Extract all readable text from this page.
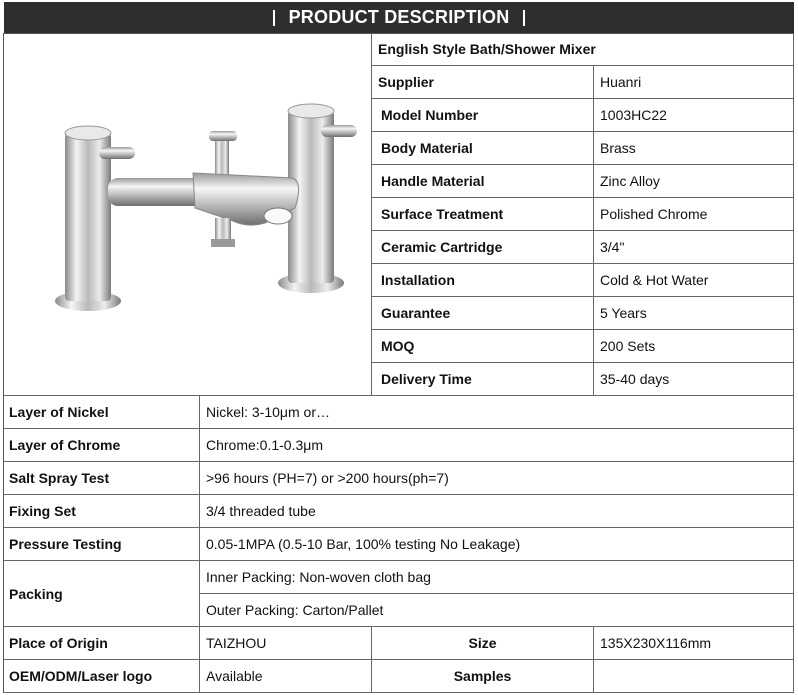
PRODUCT DESCRIPTION
English Style Bath/Shower Mixer
Supplier	Huanri
Model Number	1003HC22
Body Material	Brass
Handle Material	Zinc Alloy
Surface Treatment	Polished Chrome
Ceramic Cartridge	3/4"
Installation	Cold & Hot Water
Guarantee	5 Years
MOQ	200 Sets
Delivery Time	35-40 days
Layer of Nickel	Nickel: 3-10μm or…
Layer of Chrome	Chrome:0.1-0.3μm
Salt Spray Test	>96 hours (PH=7) or >200 hours(ph=7)
Fixing Set	3/4 threaded tube
Pressure Testing	0.05-1MPA (0.5-10 Bar, 100% testing No Leakage)
Packing
Inner Packing: Non-woven cloth bag
Outer Packing: Carton/Pallet
Place of Origin	TAIZHOU	Size	135X230X116mm
OEM/ODM/Laser logo	Available	Samples
